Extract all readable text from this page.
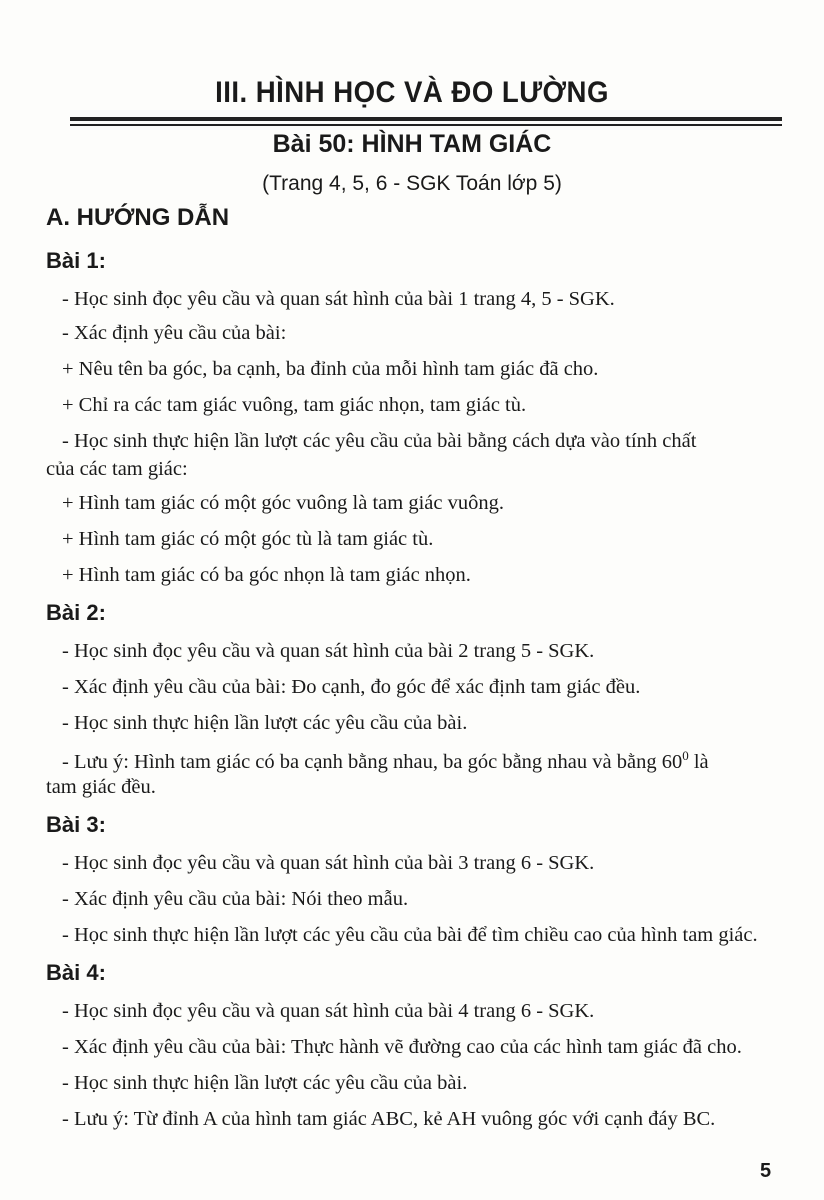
III. HÌNH HỌC VÀ ĐO LƯỜNG
Bài 50: HÌNH TAM GIÁC
(Trang 4, 5, 6 - SGK Toán lớp 5)
A. HƯỚNG DẪN
Bài 1:
- Học sinh đọc yêu cầu và quan sát hình của bài 1 trang 4, 5 - SGK.
- Xác định yêu cầu của bài:
+ Nêu tên ba góc, ba cạnh, ba đỉnh của mỗi hình tam giác đã cho.
+ Chỉ ra các tam giác vuông, tam giác nhọn, tam giác tù.
- Học sinh thực hiện lần lượt các yêu cầu của bài bằng cách dựa vào tính chất
của các tam giác:
+ Hình tam giác có một góc vuông là tam giác vuông.
+ Hình tam giác có một góc tù là tam giác tù.
+ Hình tam giác có ba góc nhọn là tam giác nhọn.
Bài 2:
- Học sinh đọc yêu cầu và quan sát hình của bài 2 trang 5 - SGK.
- Xác định yêu cầu của bài: Đo cạnh, đo góc để xác định tam giác đều.
- Học sinh thực hiện lần lượt các yêu cầu của bài.
- Lưu ý: Hình tam giác có ba cạnh bằng nhau, ba góc bằng nhau và bằng $60^0$ là
tam giác đều.
Bài 3:
- Học sinh đọc yêu cầu và quan sát hình của bài 3 trang 6 - SGK.
- Xác định yêu cầu của bài: Nói theo mẫu.
- Học sinh thực hiện lần lượt các yêu cầu của bài để tìm chiều cao của hình tam giác.
Bài 4:
- Học sinh đọc yêu cầu và quan sát hình của bài 4 trang 6 - SGK.
- Xác định yêu cầu của bài: Thực hành vẽ đường cao của các hình tam giác đã cho.
- Học sinh thực hiện lần lượt các yêu cầu của bài.
- Lưu ý: Từ đỉnh A của hình tam giác ABC, kẻ AH vuông góc với cạnh đáy BC.
5
